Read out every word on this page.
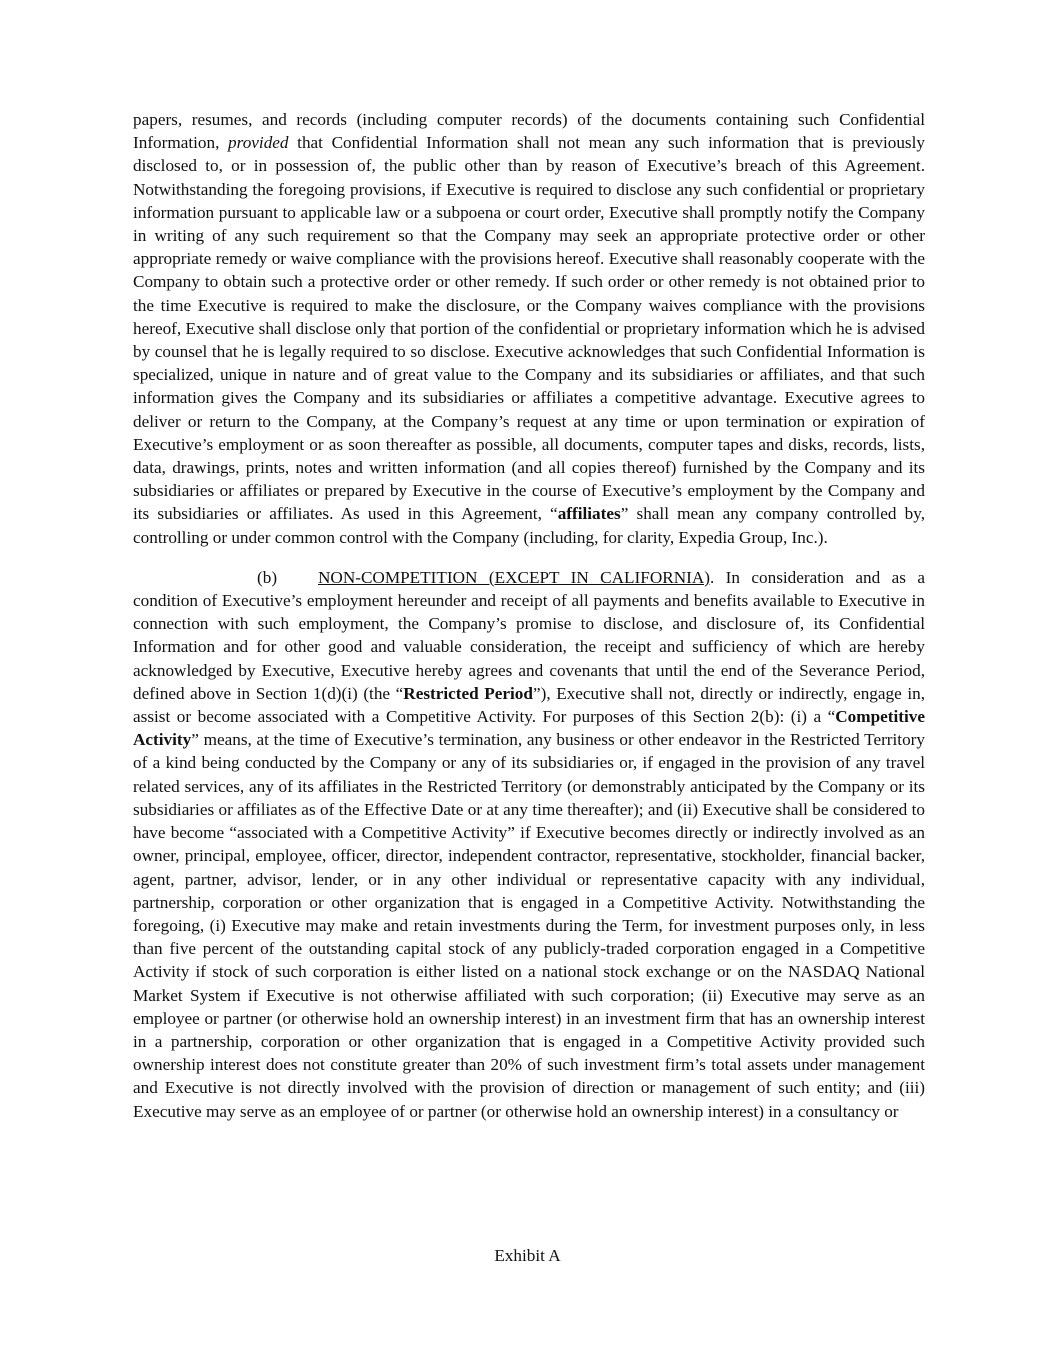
papers, resumes, and records (including computer records) of the documents containing such Confidential Information, provided that Confidential Information shall not mean any such information that is previously disclosed to, or in possession of, the public other than by reason of Executive’s breach of this Agreement. Notwithstanding the foregoing provisions, if Executive is required to disclose any such confidential or proprietary information pursuant to applicable law or a subpoena or court order, Executive shall promptly notify the Company in writing of any such requirement so that the Company may seek an appropriate protective order or other appropriate remedy or waive compliance with the provisions hereof. Executive shall reasonably cooperate with the Company to obtain such a protective order or other remedy. If such order or other remedy is not obtained prior to the time Executive is required to make the disclosure, or the Company waives compliance with the provisions hereof, Executive shall disclose only that portion of the confidential or proprietary information which he is advised by counsel that he is legally required to so disclose. Executive acknowledges that such Confidential Information is specialized, unique in nature and of great value to the Company and its subsidiaries or affiliates, and that such information gives the Company and its subsidiaries or affiliates a competitive advantage. Executive agrees to deliver or return to the Company, at the Company’s request at any time or upon termination or expiration of Executive’s employment or as soon thereafter as possible, all documents, computer tapes and disks, records, lists, data, drawings, prints, notes and written information (and all copies thereof) furnished by the Company and its subsidiaries or affiliates or prepared by Executive in the course of Executive’s employment by the Company and its subsidiaries or affiliates. As used in this Agreement, “affiliates” shall mean any company controlled by, controlling or under common control with the Company (including, for clarity, Expedia Group, Inc.).

(b) NON-COMPETITION (EXCEPT IN CALIFORNIA). In consideration and as a condition of Executive’s employment hereunder and receipt of all payments and benefits available to Executive in connection with such employment, the Company’s promise to disclose, and disclosure of, its Confidential Information and for other good and valuable consideration, the receipt and sufficiency of which are hereby acknowledged by Executive, Executive hereby agrees and covenants that until the end of the Severance Period, defined above in Section 1(d)(i) (the “Restricted Period”), Executive shall not, directly or indirectly, engage in, assist or become associated with a Competitive Activity. For purposes of this Section 2(b): (i) a “Competitive Activity” means, at the time of Executive’s termination, any business or other endeavor in the Restricted Territory of a kind being conducted by the Company or any of its subsidiaries or, if engaged in the provision of any travel related services, any of its affiliates in the Restricted Territory (or demonstrably anticipated by the Company or its subsidiaries or affiliates as of the Effective Date or at any time thereafter); and (ii) Executive shall be considered to have become “associated with a Competitive Activity” if Executive becomes directly or indirectly involved as an owner, principal, employee, officer, director, independent contractor, representative, stockholder, financial backer, agent, partner, advisor, lender, or in any other individual or representative capacity with any individual, partnership, corporation or other organization that is engaged in a Competitive Activity. Notwithstanding the foregoing, (i) Executive may make and retain investments during the Term, for investment purposes only, in less than five percent of the outstanding capital stock of any publicly-traded corporation engaged in a Competitive Activity if stock of such corporation is either listed on a national stock exchange or on the NASDAQ National Market System if Executive is not otherwise affiliated with such corporation; (ii) Executive may serve as an employee or partner (or otherwise hold an ownership interest) in an investment firm that has an ownership interest in a partnership, corporation or other organization that is engaged in a Competitive Activity provided such ownership interest does not constitute greater than 20% of such investment firm’s total assets under management and Executive is not directly involved with the provision of direction or management of such entity; and (iii) Executive may serve as an employee of or partner (or otherwise hold an ownership interest) in a consultancy or

Exhibit A
